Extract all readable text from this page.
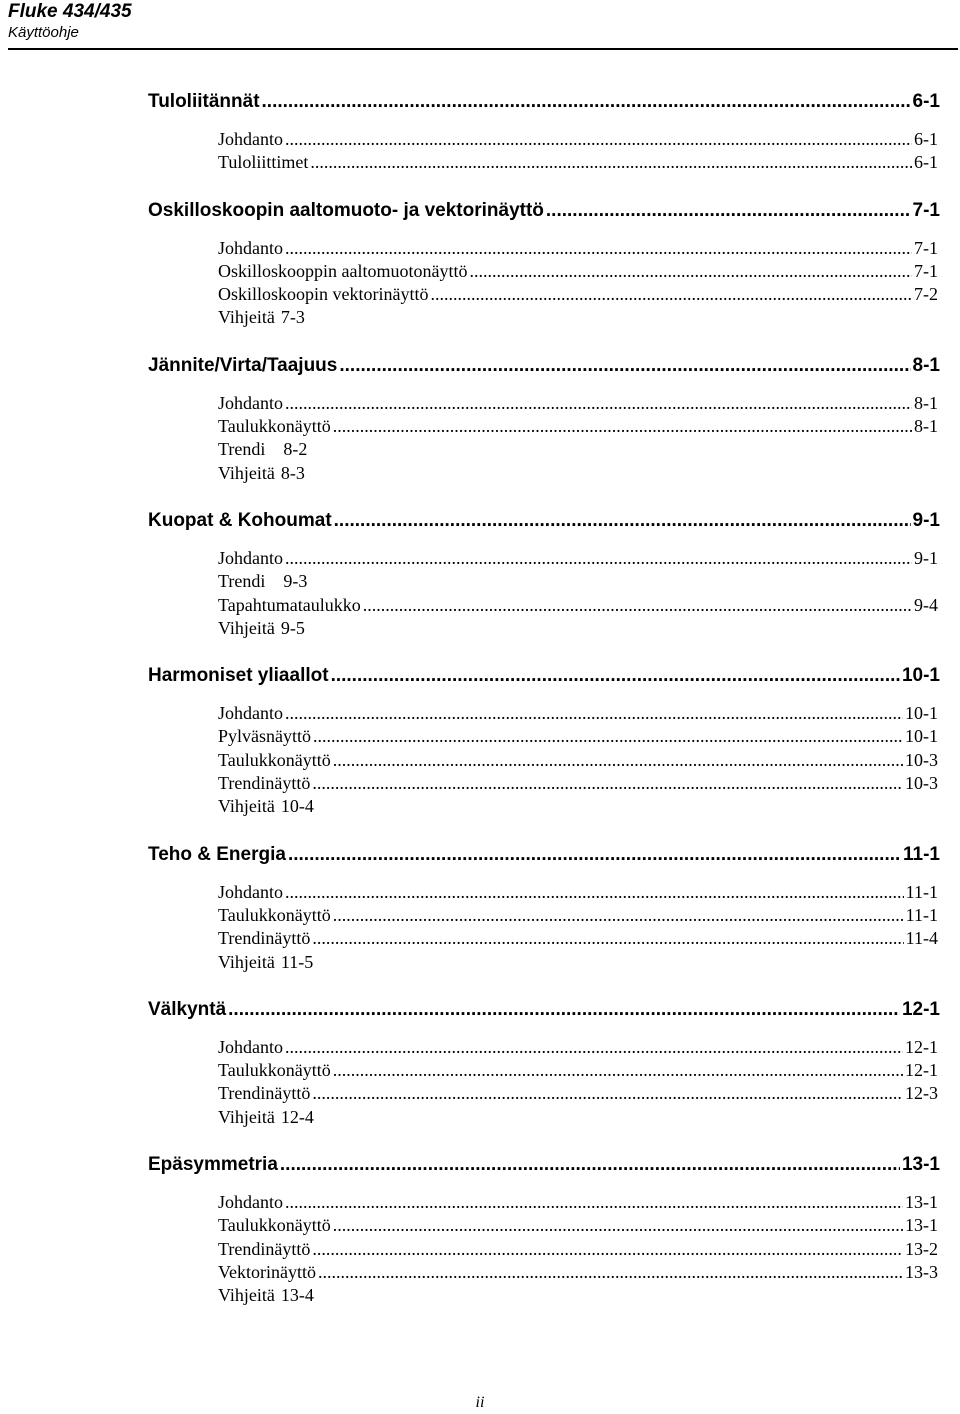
Fluke 434/435
Käyttöohje
Tuloliitännät .....	6-1
Johdanto .....	6-1
Tuloliittimet .....	6-1
Oskilloskoopin aaltomuoto- ja vektorinäyttö .....	7-1
Johdanto .....	7-1
Oskilloskooppin aaltomuotonäyttö .....	7-1
Oskilloskoopin vektorinäyttö .....	7-2
Vihjeitä 7-3
Jännite/Virta/Taajuus .....	8-1
Johdanto .....	8-1
Taulukkonäyttö .....	8-1
Trendi 8-2
Vihjeitä 8-3
Kuopat & Kohoumat .....	9-1
Johdanto .....	9-1
Trendi 9-3
Tapahtumataulukko .....	9-4
Vihjeitä 9-5
Harmoniset yliaallot .....	10-1
Johdanto .....	10-1
Pylväsnäyttö .....	10-1
Taulukkonäyttö .....	10-3
Trendinäyttö .....	10-3
Vihjeitä 10-4
Teho & Energia .....	11-1
Johdanto .....	11-1
Taulukkonäyttö .....	11-1
Trendinäyttö .....	11-4
Vihjeitä 11-5
Välkyntä .....	12-1
Johdanto .....	12-1
Taulukkonäyttö .....	12-1
Trendinäyttö .....	12-3
Vihjeitä 12-4
Epäsymmetria .....	13-1
Johdanto .....	13-1
Taulukkonäyttö .....	13-1
Trendinäyttö .....	13-2
Vektorinäyttö .....	13-3
Vihjeitä 13-4
ii
